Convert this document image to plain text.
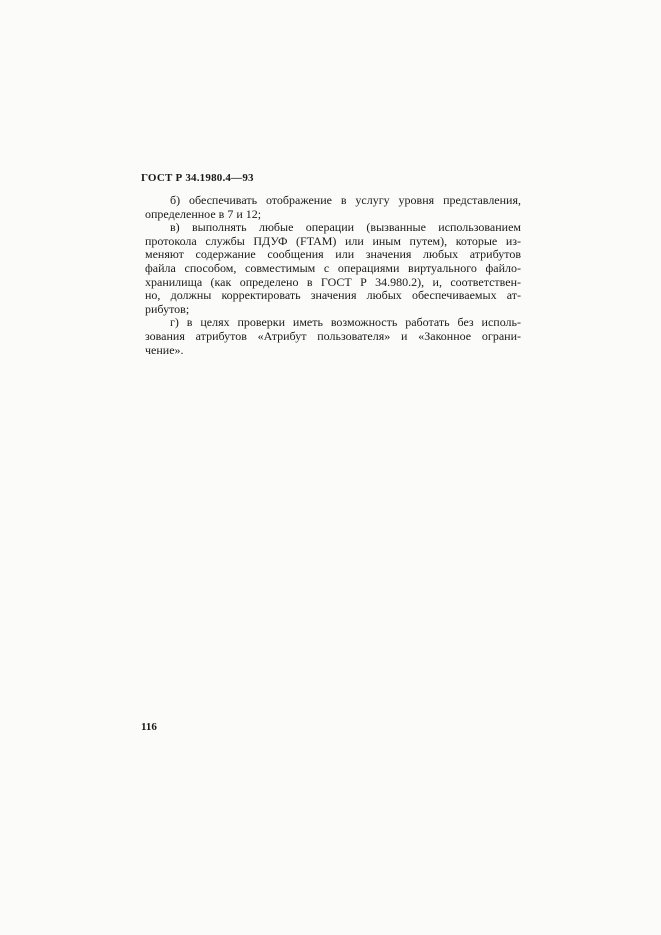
ГОСТ Р 34.1980.4—93

б) обеспечивать отображение в услугу уровня представления,
определенное в 7 и 12;

в) выполнять любые операции (вызванные использованием
протокола службы ПДУФ (FTAM) или иным путем), которые из-
меняют содержание сообщения или значения любых атрибутов
файла способом, совместимым с операциями виртуального файло-
хранилища (как определено в ГОСТ Р 34.980.2), и, соответствен-
но, должны корректировать значения любых обеспечиваемых ат-
рибутов;

г) в целях проверки иметь возможность работать без исполь-
зования атрибутов «Атрибут пользователя» и «Законное ограни-
чение».

116
